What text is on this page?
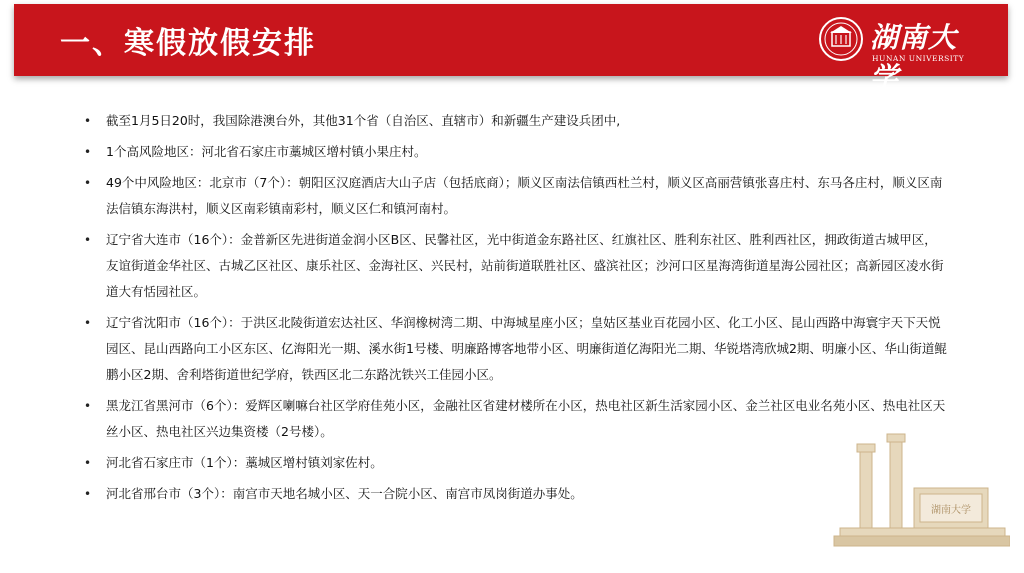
一、寒假放假安排	湖南大学
HUNAN UNIVERSITY
• 截至1月5日20时，我国除港澳台外，其他31个省（自治区、直辖市）和新疆生产建设兵团中,
• 1个高风险地区：河北省石家庄市藁城区增村镇小果庄村。
• 49个中风险地区：北京市（7个）：朝阳区汉庭酒店大山子店（包括底商）；顺义区南法信镇西杜兰村，顺义区高丽营镇张喜庄村、东马各庄村，顺义区南法信镇东海洪村，顺义区南彩镇南彩村，顺义区仁和镇河南村。
• 辽宁省大连市（16个）：金普新区先进街道金润小区B区、民馨社区，光中街道金东路社区、红旗社区、胜利东社区、胜利西社区，拥政街道古城甲区，友谊街道金华社区、古城乙区社区、康乐社区、金海社区、兴民村，站前街道联胜社区、盛滨社区；沙河口区星海湾街道星海公园社区；高新园区凌水街道大有恬园社区。
• 辽宁省沈阳市（16个）：于洪区北陵街道宏达社区、华润橡树湾二期、中海城星座小区；皇姑区基业百花园小区、化工小区、昆山西路中海寰宇天下天悦园区、昆山西路向工小区东区、亿海阳光一期、溪水街1号楼、明廉路博客地带小区、明廉街道亿海阳光二期、华锐塔湾欣城2期、明廉小区、华山街道鲲鹏小区2期、舍利塔街道世纪学府，铁西区北二东路沈铁兴工佳园小区。
• 黑龙江省黑河市（6个）：爱辉区喇嘛台社区学府佳苑小区，金融社区省建材楼所在小区，热电社区新生活家园小区、金兰社区电业名苑小区、热电社区天丝小区、热电社区兴边集资楼（2号楼）。
• 河北省石家庄市（1个）：藁城区增村镇刘家佐村。
• 河北省邢台市（3个）：南宫市天地名城小区、天一合院小区、南宫市凤岗街道办事处。
湖南大学
